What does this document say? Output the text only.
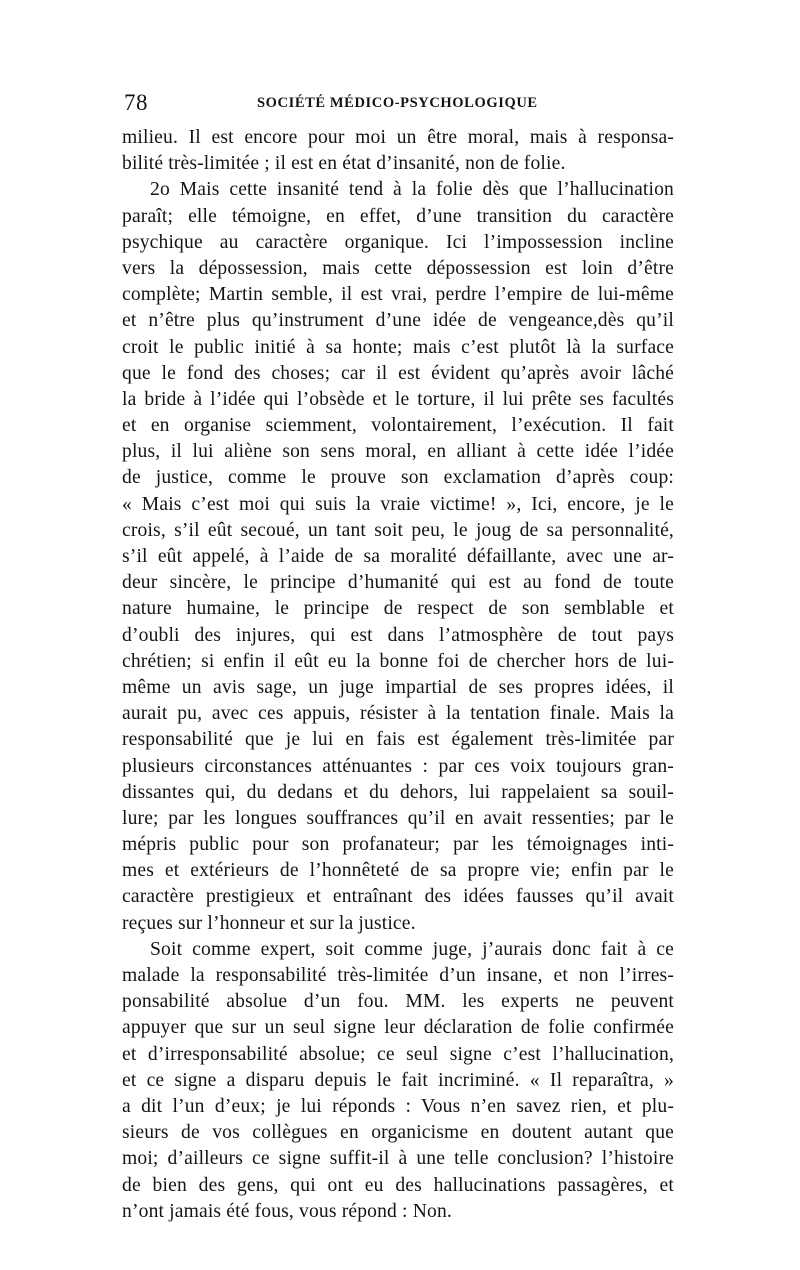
78	SOCIÉTÉ MÉDICO-PSYCHOLOGIQUE
milieu. Il est encore pour moi un être moral, mais à responsa-
bilité très-limitée ; il est en état d’insanité, non de folie.
2o Mais cette insanité tend à la folie dès que l’hallucination
paraît; elle témoigne, en effet, d’une transition du caractère
psychique au caractère organique. Ici l’impossession incline
vers la dépossession, mais cette dépossession est loin d’être
complète; Martin semble, il est vrai, perdre l’empire de lui-même
et n’être plus qu’instrument d’une idée de vengeance,dès qu’il
croit le public initié à sa honte; mais c’est plutôt là la surface
que le fond des choses; car il est évident qu’après avoir lâché
la bride à l’idée qui l’obsède et le torture, il lui prête ses facultés
et en organise sciemment, volontairement, l’exécution. Il fait
plus, il lui aliène son sens moral, en alliant à cette idée l’idée
de justice, comme le prouve son exclamation d’après coup:
« Mais c’est moi qui suis la vraie victime! », Ici, encore, je le
crois, s’il eût secoué, un tant soit peu, le joug de sa personnalité,
s’il eût appelé, à l’aide de sa moralité défaillante, avec une ar-
deur sincère, le principe d’humanité qui est au fond de toute
nature humaine, le principe de respect de son semblable et
d’oubli des injures, qui est dans l’atmosphère de tout pays
chrétien; si enfin il eût eu la bonne foi de chercher hors de lui-
même un avis sage, un juge impartial de ses propres idées, il
aurait pu, avec ces appuis, résister à la tentation finale. Mais la
responsabilité que je lui en fais est également très-limitée par
plusieurs circonstances atténuantes : par ces voix toujours gran-
dissantes qui, du dedans et du dehors, lui rappelaient sa souil-
lure; par les longues souffrances qu’il en avait ressenties; par le
mépris public pour son profanateur; par les témoignages inti-
mes et extérieurs de l’honnêteté de sa propre vie; enfin par le
caractère prestigieux et entraînant des idées fausses qu’il avait
reçues sur l’honneur et sur la justice.
Soit comme expert, soit comme juge, j’aurais donc fait à ce
malade la responsabilité très-limitée d’un insane, et non l’irres-
ponsabilité absolue d’un fou. MM. les experts ne peuvent
appuyer que sur un seul signe leur déclaration de folie confirmée
et d’irresponsabilité absolue; ce seul signe c’est l’hallucination,
et ce signe a disparu depuis le fait incriminé. « Il reparaîtra, »
a dit l’un d’eux; je lui réponds : Vous n’en savez rien, et plu-
sieurs de vos collègues en organicisme en doutent autant que
moi; d’ailleurs ce signe suffit-il à une telle conclusion? l’histoire
de bien des gens, qui ont eu des hallucinations passagères, et
n’ont jamais été fous, vous répond : Non.
